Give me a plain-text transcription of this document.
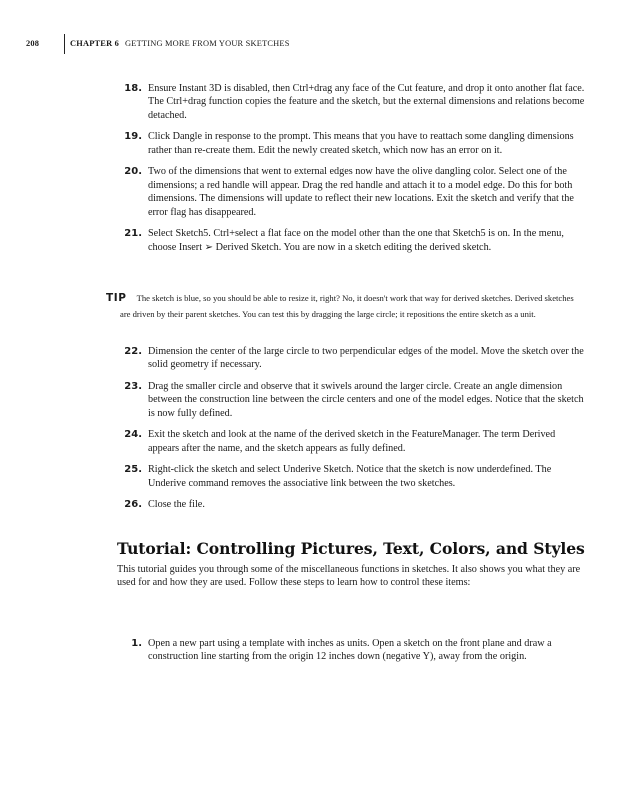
208	CHAPTER 6 GETTING MORE FROM YOUR SKETCHES
18. Ensure Instant 3D is disabled, then Ctrl+drag any face of the Cut feature, and drop it onto another flat face. The Ctrl+drag function copies the feature and the sketch, but the external dimensions and relations become detached.
19. Click Dangle in response to the prompt. This means that you have to reattach some dangling dimensions rather than re-create them. Edit the newly created sketch, which now has an error on it.
20. Two of the dimensions that went to external edges now have the olive dangling color. Select one of the dimensions; a red handle will appear. Drag the red handle and attach it to a model edge. Do this for both dimensions. The dimensions will update to reflect their new locations. Exit the sketch and verify that the error flag has disappeared.
21. Select Sketch5. Ctrl+select a flat face on the model other than the one that Sketch5 is on. In the menu, choose Insert ➢ Derived Sketch. You are now in a sketch editing the derived sketch.
TIP The sketch is blue, so you should be able to resize it, right? No, it doesn't work that way for derived sketches. Derived sketches are driven by their parent sketches. You can test this by dragging the large circle; it repositions the entire sketch as a unit.
22. Dimension the center of the large circle to two perpendicular edges of the model. Move the sketch over the solid geometry if necessary.
23. Drag the smaller circle and observe that it swivels around the larger circle. Create an angle dimension between the construction line between the circle centers and one of the model edges. Notice that the sketch is now fully defined.
24. Exit the sketch and look at the name of the derived sketch in the FeatureManager. The term Derived appears after the name, and the sketch appears as fully defined.
25. Right-click the sketch and select Underive Sketch. Notice that the sketch is now underdefined. The Underive command removes the associative link between the two sketches.
26. Close the file.
Tutorial: Controlling Pictures, Text, Colors, and Styles

This tutorial guides you through some of the miscellaneous functions in sketches. It also shows you what they are used for and how they are used. Follow these steps to learn how to control these items:

1. Open a new part using a template with inches as units. Open a sketch on the front plane and draw a construction line starting from the origin 12 inches down (negative Y), away from the origin.
